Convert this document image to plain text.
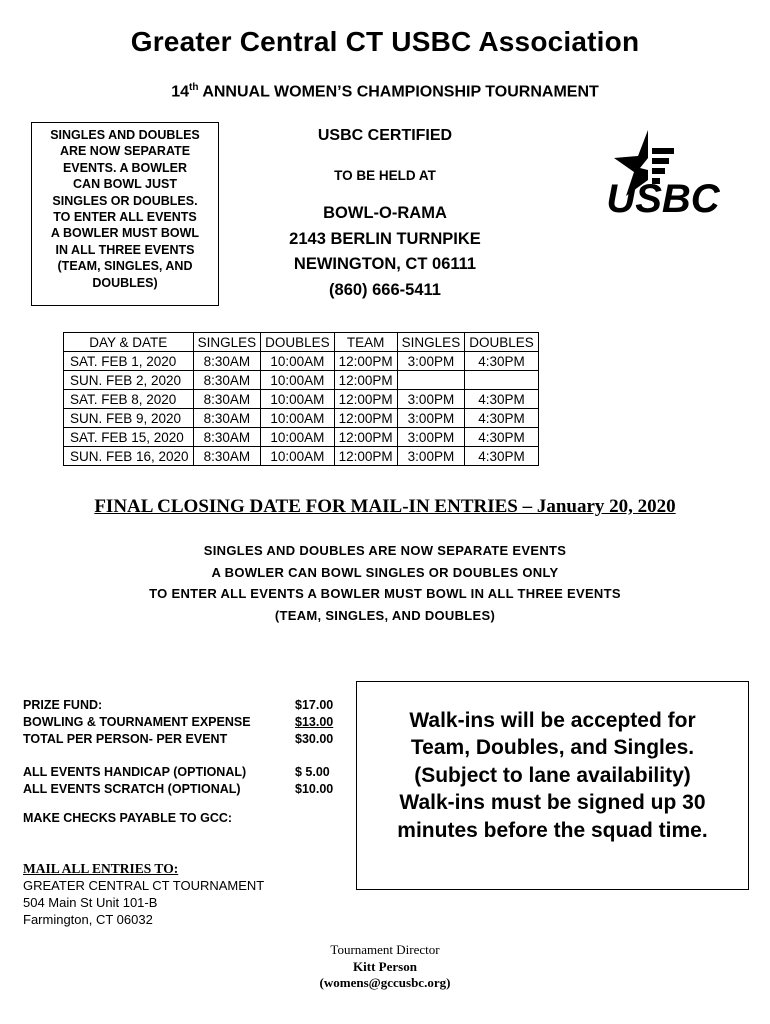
Greater Central CT USBC Association
14th ANNUAL WOMEN’S CHAMPIONSHIP TOURNAMENT
SINGLES AND DOUBLES
ARE NOW SEPARATE
EVENTS. A BOWLER
CAN BOWL JUST
SINGLES OR DOUBLES.
TO ENTER ALL EVENTS
A BOWLER MUST BOWL
IN ALL THREE EVENTS
(TEAM, SINGLES, AND
DOUBLES)
USBC CERTIFIED
TO BE HELD AT
BOWL-O-RAMA
2143 BERLIN TURNPIKE
NEWINGTON, CT 06111
(860) 666-5411
USBC
DAY & DATE	SINGLES	DOUBLES	TEAM	SINGLES	DOUBLES
SAT. FEB 1, 2020	8:30AM	10:00AM	12:00PM	3:00PM	4:30PM
SUN. FEB 2, 2020	8:30AM	10:00AM	12:00PM		
SAT. FEB 8, 2020	8:30AM	10:00AM	12:00PM	3:00PM	4:30PM
SUN. FEB 9, 2020	8:30AM	10:00AM	12:00PM	3:00PM	4:30PM
SAT. FEB 15, 2020	8:30AM	10:00AM	12:00PM	3:00PM	4:30PM
SUN. FEB 16, 2020	8:30AM	10:00AM	12:00PM	3:00PM	4:30PM
FINAL CLOSING DATE FOR MAIL-IN ENTRIES – January 20, 2020
SINGLES AND DOUBLES ARE NOW SEPARATE EVENTS
A BOWLER CAN BOWL SINGLES OR DOUBLES ONLY
TO ENTER ALL EVENTS A BOWLER MUST BOWL IN ALL THREE EVENTS
(TEAM, SINGLES, AND DOUBLES)
PRIZE FUND:	$17.00
BOWLING & TOURNAMENT EXPENSE	$13.00
TOTAL PER PERSON- PER EVENT	$30.00
ALL EVENTS HANDICAP (OPTIONAL)	$ 5.00
ALL EVENTS SCRATCH (OPTIONAL)	$10.00
MAKE CHECKS PAYABLE TO GCC:
MAIL ALL ENTRIES TO:
GREATER CENTRAL CT TOURNAMENT
504 Main St Unit 101-B
Farmington, CT 06032
Walk-ins will be accepted for
Team, Doubles, and Singles.
(Subject to lane availability)
Walk-ins must be signed up 30
minutes before the squad time.
Tournament Director
Kitt Person
(womens@gccusbc.org)
